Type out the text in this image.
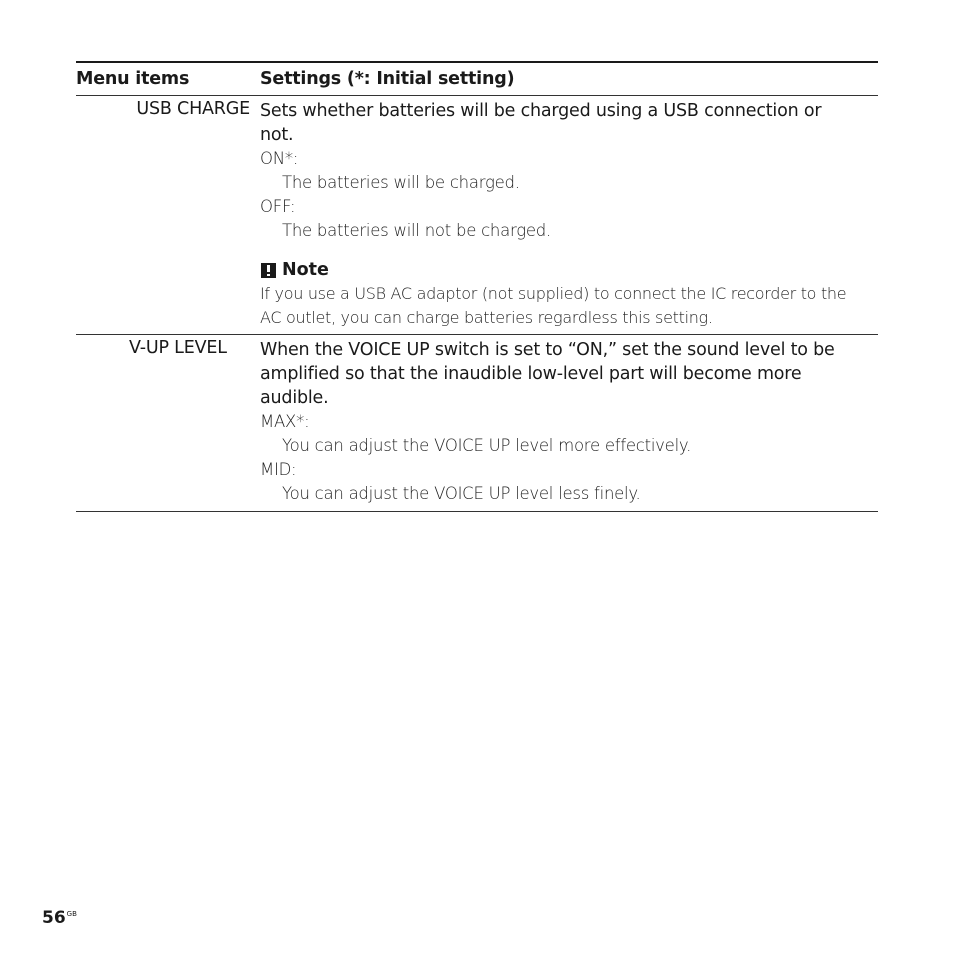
Menu items	Settings (*: Initial setting)
USB CHARGE Sets whether batteries will be charged using a USB connection or
not.
ON*:
The batteries will be charged.
OFF:
The batteries will not be charged.
Note
If you use a USB AC adaptor (not supplied) to connect the IC recorder to the
AC outlet, you can charge batteries regardless this setting.
V-UP LEVEL	When the VOICE UP switch is set to “ON,” set the sound level to be
amplified so that the inaudible low-level part will become more
audible.
MAX*:
You can adjust the VOICE UP level more effectively.
MID:
You can adjust the VOICE UP level less finely.
$56^{GB}$
